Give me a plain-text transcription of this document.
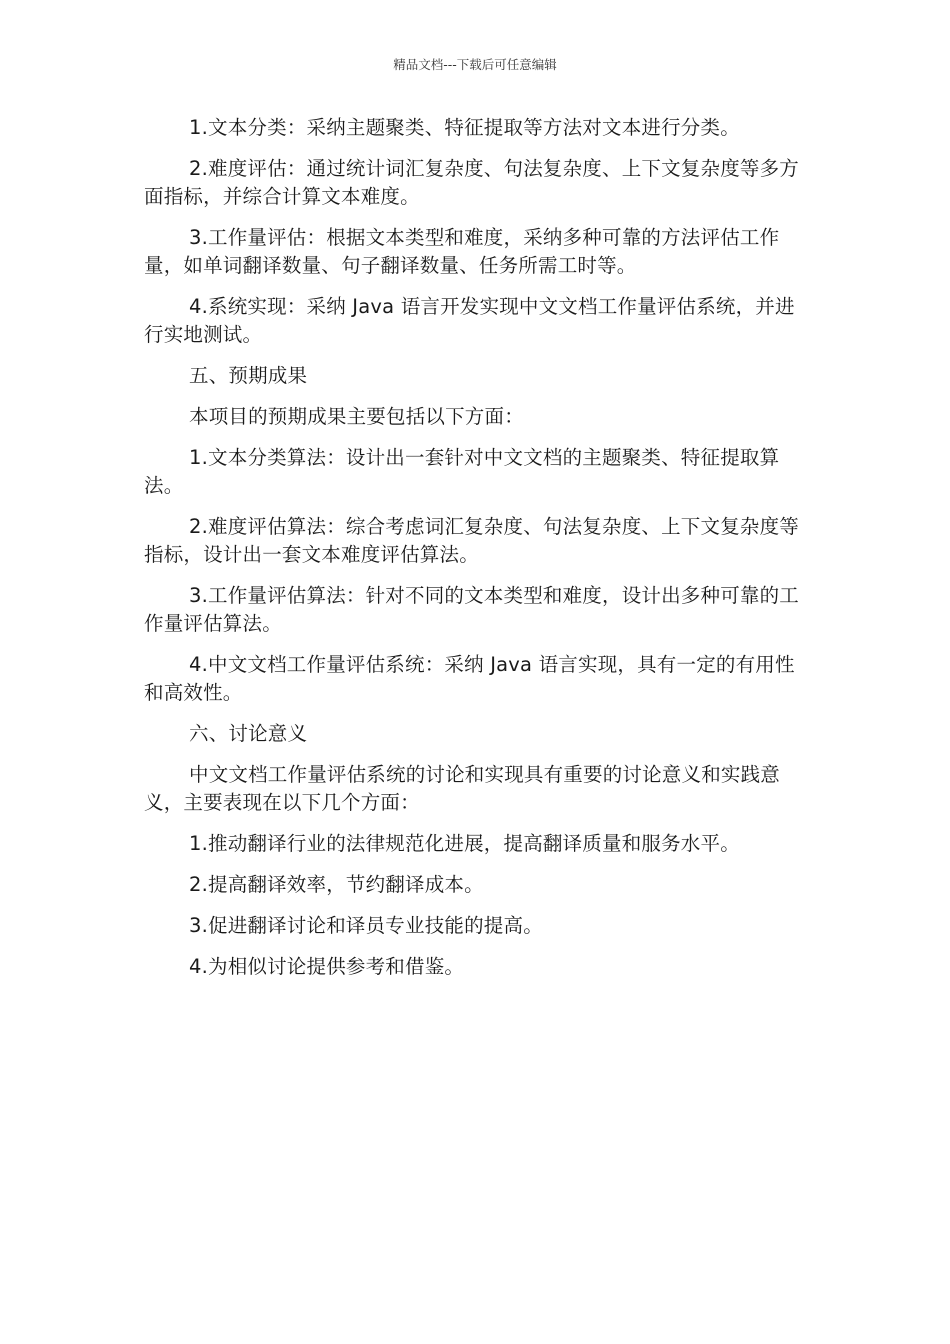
精品文档---下载后可任意编辑

1.文本分类：采纳主题聚类、特征提取等方法对文本进行分类。

2.难度评估：通过统计词汇复杂度、句法复杂度、上下文复杂度等多方面指标，并综合计算文本难度。

3.工作量评估：根据文本类型和难度，采纳多种可靠的方法评估工作量，如单词翻译数量、句子翻译数量、任务所需工时等。

4.系统实现：采纳 Java 语言开发实现中文文档工作量评估系统，并进行实地测试。

五、预期成果

本项目的预期成果主要包括以下方面：

1.文本分类算法：设计出一套针对中文文档的主题聚类、特征提取算法。

2.难度评估算法：综合考虑词汇复杂度、句法复杂度、上下文复杂度等指标，设计出一套文本难度评估算法。

3.工作量评估算法：针对不同的文本类型和难度，设计出多种可靠的工作量评估算法。

4.中文文档工作量评估系统：采纳 Java 语言实现，具有一定的有用性和高效性。

六、讨论意义

中文文档工作量评估系统的讨论和实现具有重要的讨论意义和实践意义，主要表现在以下几个方面：

1.推动翻译行业的法律规范化进展，提高翻译质量和服务水平。

2.提高翻译效率，节约翻译成本。

3.促进翻译讨论和译员专业技能的提高。

4.为相似讨论提供参考和借鉴。
